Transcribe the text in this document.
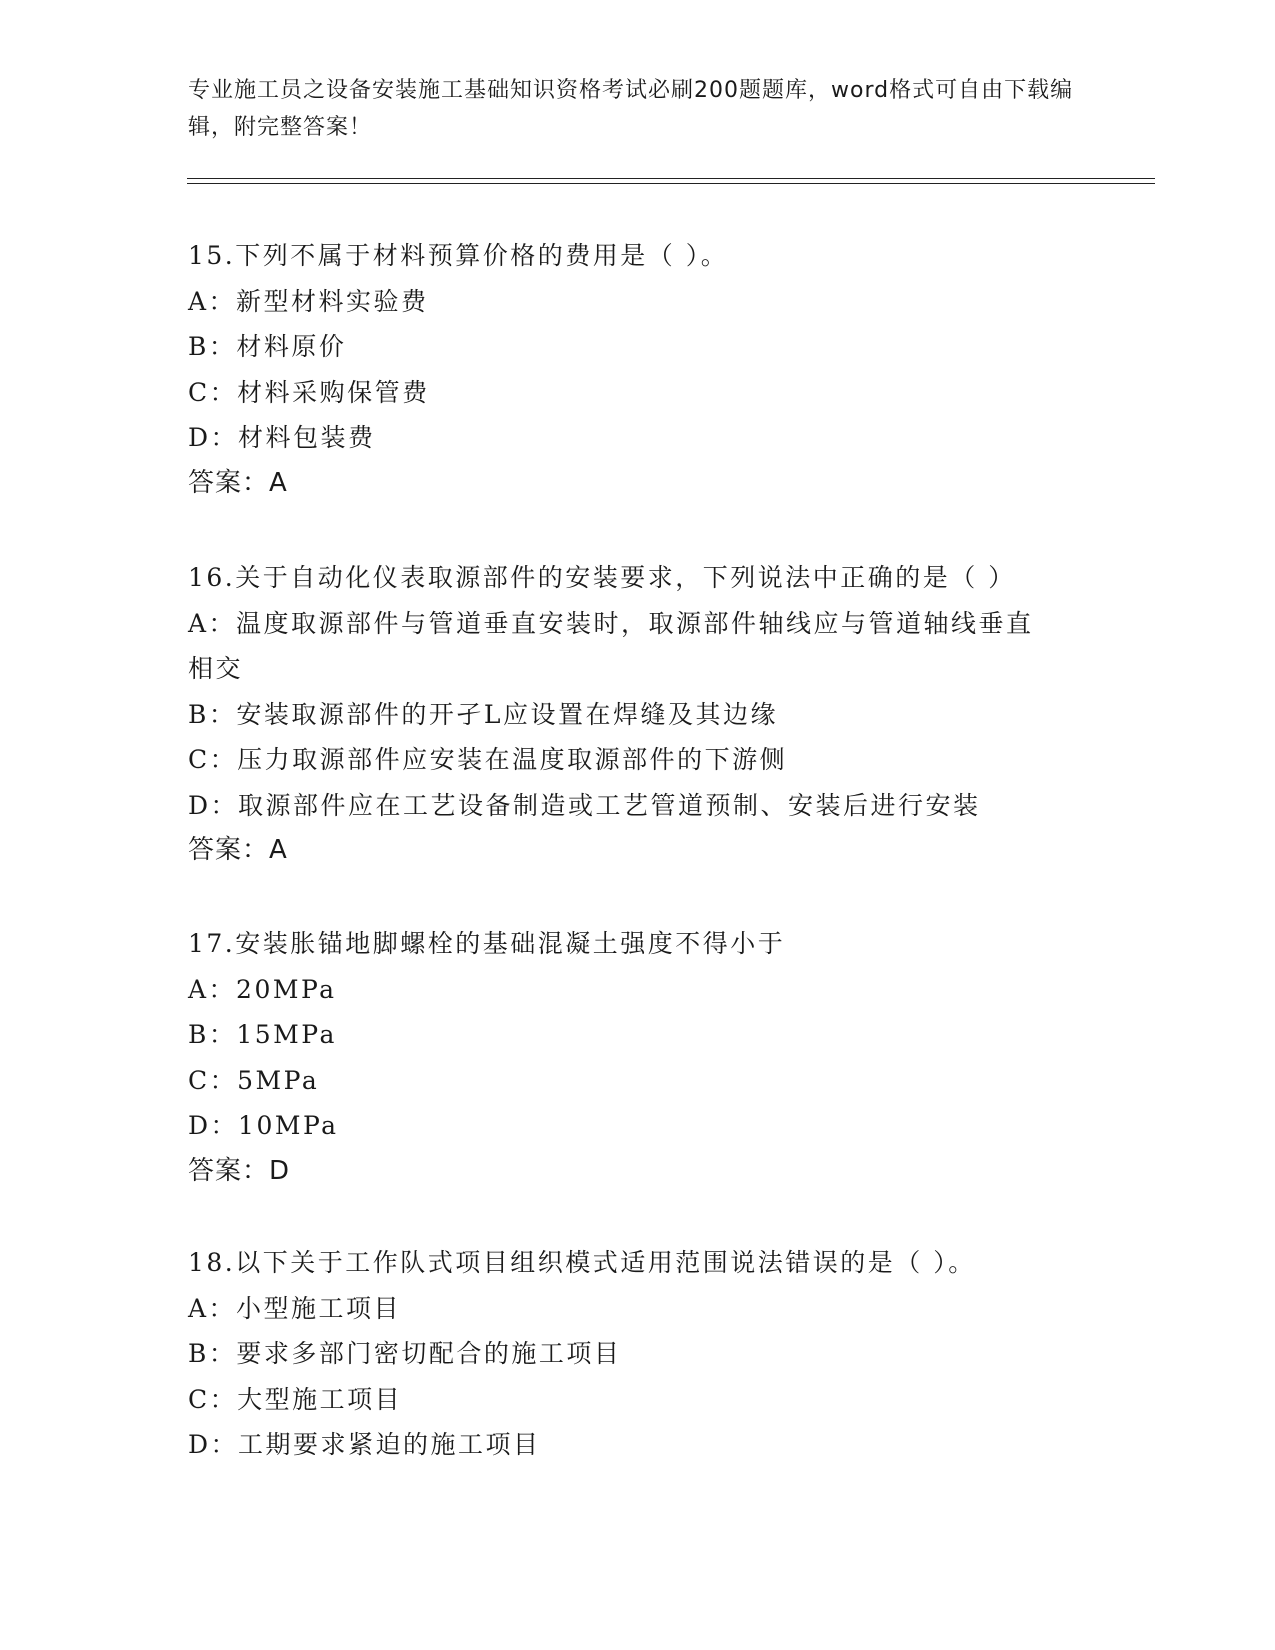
专业施工员之设备安装施工基础知识资格考试必刷200题题库，word格式可自由下载编辑，附完整答案！
15.下列不属于材料预算价格的费用是（ ）。
A：新型材料实验费
B：材料原价
C：材料采购保管费
D：材料包装费
答案：A
16.关于自动化仪表取源部件的安装要求，下列说法中正确的是（ ）
A：温度取源部件与管道垂直安装时，取源部件轴线应与管道轴线垂直相交
B：安装取源部件的开孑L应设置在焊缝及其边缘
C：压力取源部件应安装在温度取源部件的下游侧
D：取源部件应在工艺设备制造或工艺管道预制、安装后进行安装
答案：A
17.安装胀锚地脚螺栓的基础混凝土强度不得小于
A：20MPa
B：15MPa
C：5MPa
D：10MPa
答案：D
18.以下关于工作队式项目组织模式适用范围说法错误的是（ ）。
A：小型施工项目
B：要求多部门密切配合的施工项目
C：大型施工项目
D：工期要求紧迫的施工项目
